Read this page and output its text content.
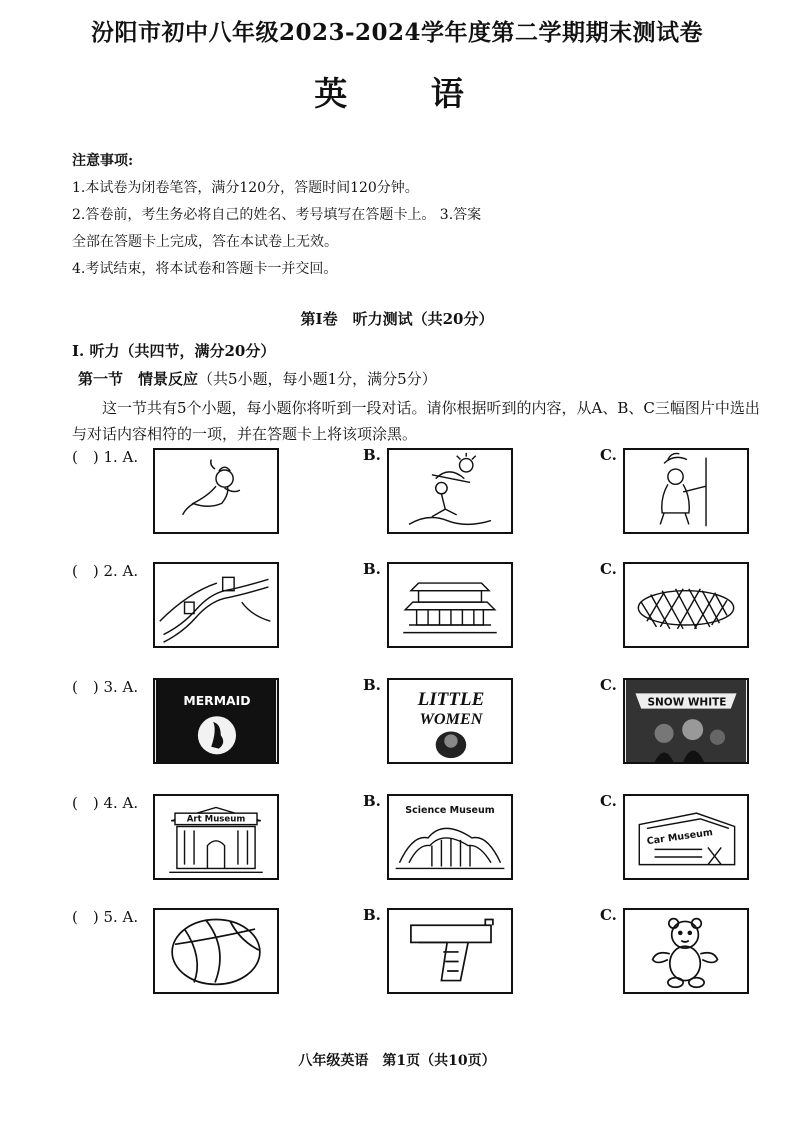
汾阳市初中八年级2023-2024学年度第二学期期末测试卷
英 语
注意事项:
1.本试卷为闭卷笔答，满分120分，答题时间120分钟。
2.答卷前，考生务必将自己的姓名、考号填写在答题卡上。 3.答案
全部在答题卡上完成，答在本试卷上无效。
4.考试结束，将本试卷和答题卡一并交回。
第Ⅰ卷　听力测试（共20分）
Ⅰ. 听力（共四节，满分20分）
第一节　情景反应（共5小题，每小题1分，满分5分）
这一节共有5个小题，每小题你将听到一段对话。请你根据听到的内容，从A、B、C三幅图片中选出与对话内容相符的一项，并在答题卡上将该项涂黑。
(　) 1. A.	B.	C.
(　) 2. A.	B.	C.
(　) 3. A.
MERMAID
B.
LITTLE
WOMEN
C.
SNOW WHITE
(　) 4. A.
Art Museum
B.
Science Museum
C.
Car Museum
(　) 5. A.	B.	C.
八年级英语　第1页（共10页）
